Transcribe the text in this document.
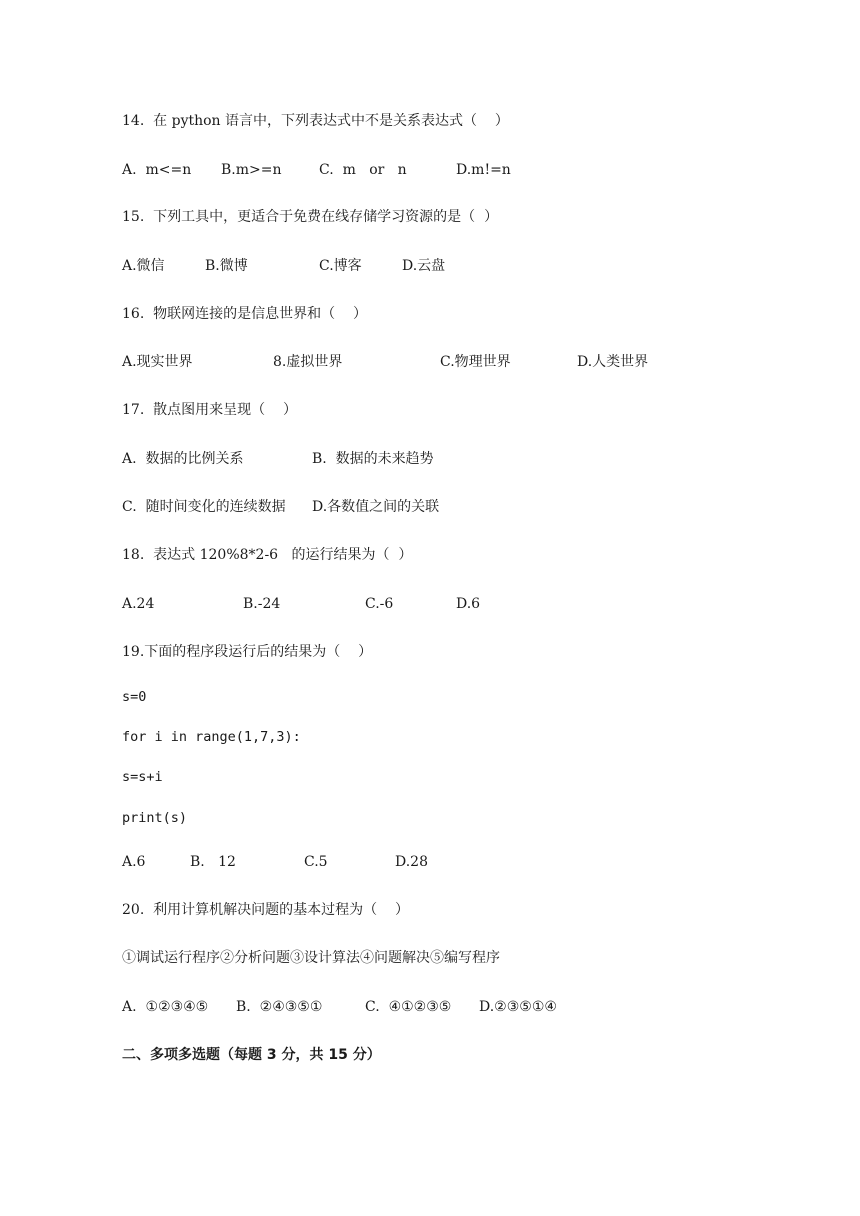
14.  在 python 语言中，下列表达式中不是关系表达式（    ）
A.  m<=n B.m>=n	C.  m   or   n	D.m!=n
15.  下列工具中，更适合于免费在线存储学习资源的是（  ）
A.微信	B.微博	C.博客	D.云盘
16.  物联网连接的是信息世界和（    ）
A.现实世界	8.虚拟世界	C.物理世界	D.人类世界
17.  散点图用来呈现（    ）
A.  数据的比例关系	B.  数据的未来趋势
C.  随时间变化的连续数据 D.各数值之间的关联
18.  表达式 120%8*2-6   的运行结果为（  ）
A.24	B.-24	C.-6	D.6
19.下面的程序段运行后的结果为（    ）
s=0
for i in range(1,7,3):
s=s+i
print(s)
A.6	B.   12	C.5	D.28
20.  利用计算机解决问题的基本过程为（    ）
①调试运行程序②分析问题③设计算法④问题解决⑤编写程序
A.  ①②③④⑤ B.  ②④③⑤①	C.  ④①②③⑤ D.②③⑤①④
二、多项多选题（每题 3 分，共 15 分）
